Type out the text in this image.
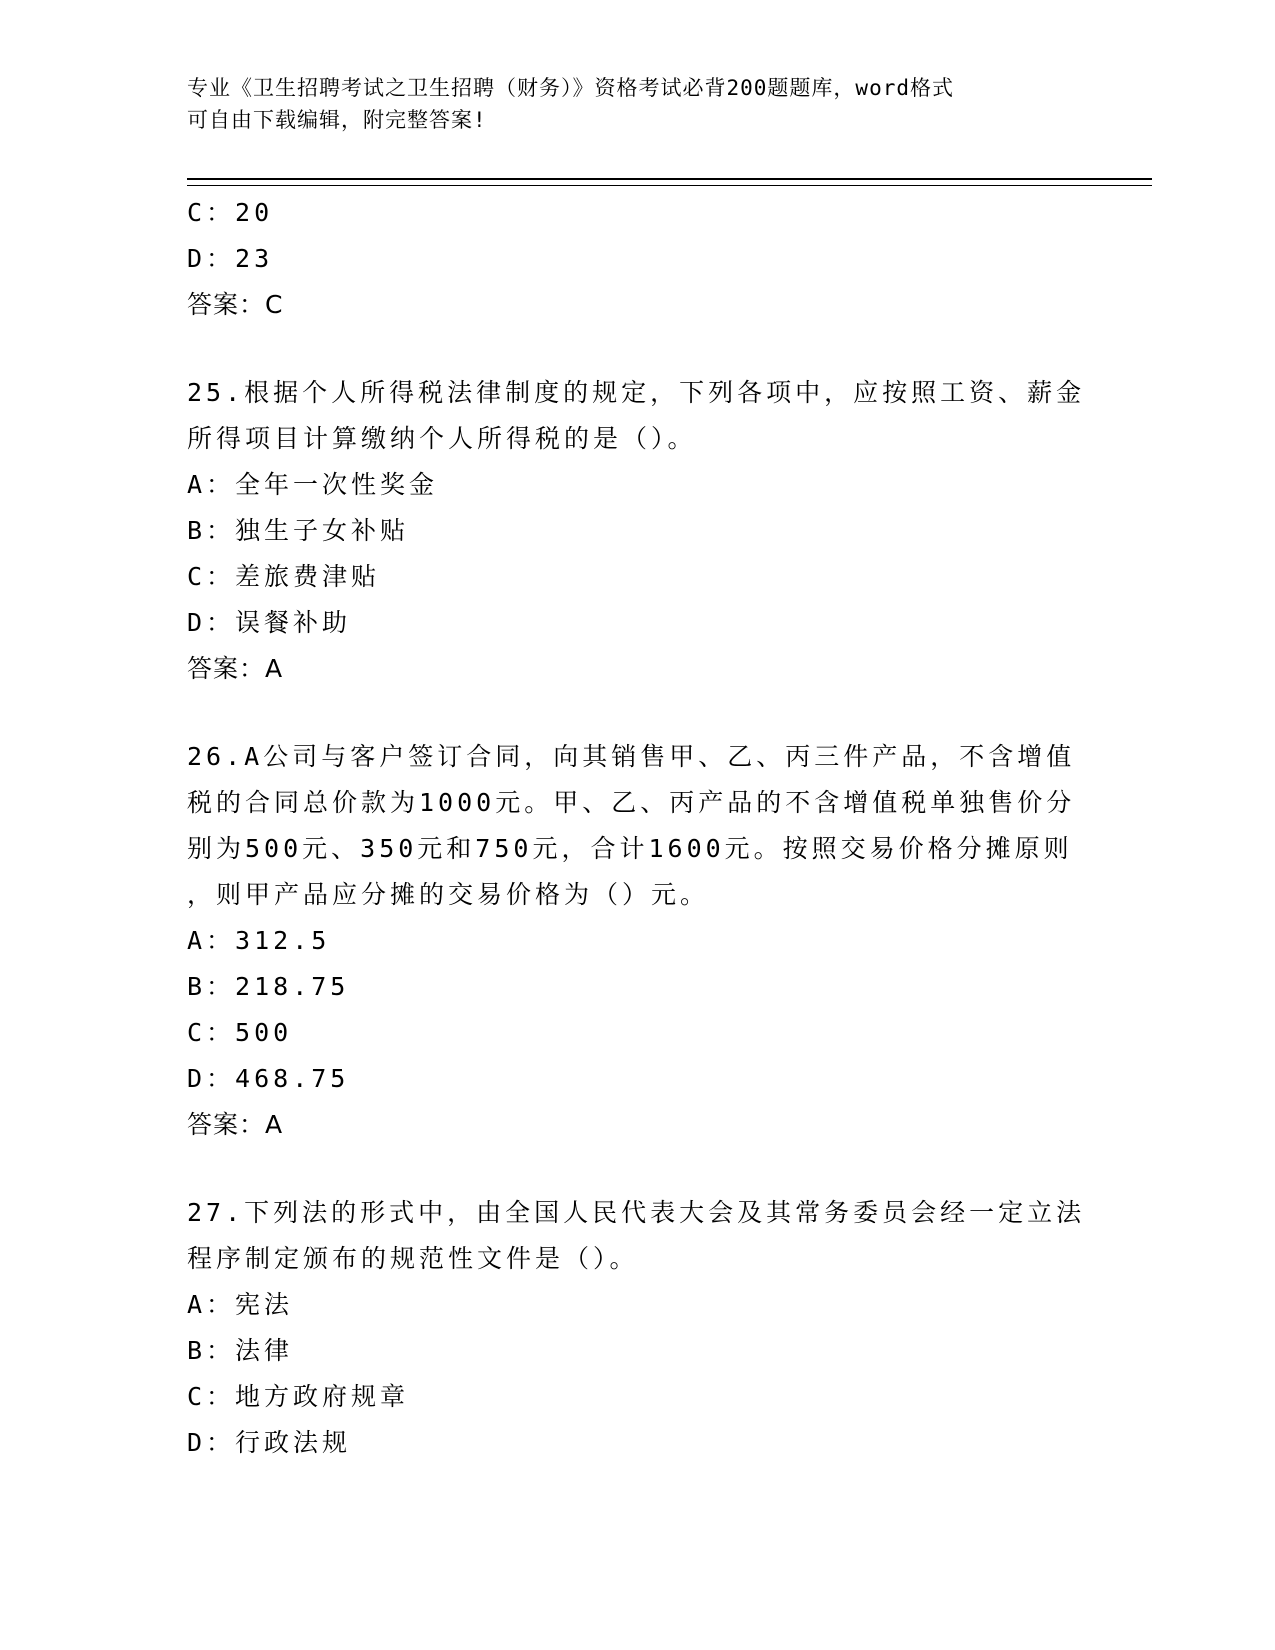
专业《卫生招聘考试之卫生招聘（财务）》资格考试必背200题题库，word格式
可自由下载编辑，附完整答案!
C：20
D：23
答案：C
25.根据个人所得税法律制度的规定，下列各项中，应按照工资、薪金
所得项目计算缴纳个人所得税的是（）。
A：全年一次性奖金
B：独生子女补贴
C：差旅费津贴
D：误餐补助
答案：A
26.A公司与客户签订合同，向其销售甲、乙、丙三件产品，不含增值
税的合同总价款为1000元。甲、乙、丙产品的不含增值税单独售价分
别为500元、350元和750元，合计1600元。按照交易价格分摊原则
，则甲产品应分摊的交易价格为（）元。
A：312.5
B：218.75
C：500
D：468.75
答案：A
27.下列法的形式中，由全国人民代表大会及其常务委员会经一定立法
程序制定颁布的规范性文件是（）。
A：宪法
B：法律
C：地方政府规章
D：行政法规
